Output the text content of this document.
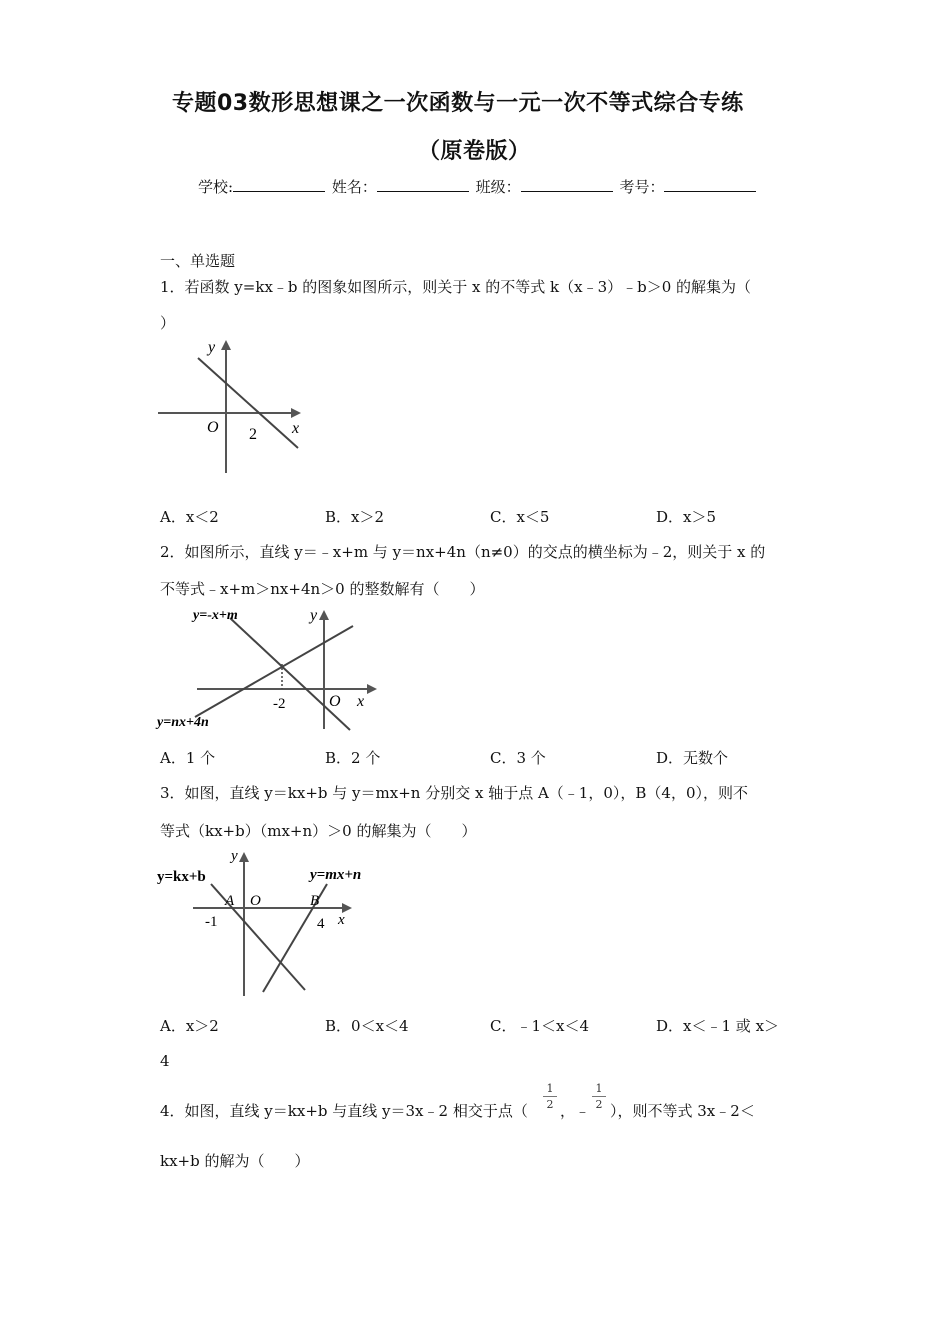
专题03数形思想课之一次函数与一元一次不等式综合专练
（原卷版）
学校:	姓名：	班级：	考号：
一、单选题
1．若函数 y=kx﹣b 的图象如图所示，则关于 x 的不等式 k（x﹣3）﹣b＞0 的解集为（
）
y
O 2 x
A．x＜2	B．x＞2	C．x＜5	D．x＞5
2．如图所示，直线 y＝﹣x+m 与 y＝nx+4n（n≠0）的交点的横坐标为﹣2，则关于 x 的
不等式﹣x+m＞nx+4n＞0 的整数解有（　　）
y=-x+m
y=nx+4n
y
O x
-2
A．1 个	B．2 个	C．3 个	D．无数个
3．如图，直线 y＝kx+b 与 y＝mx+n 分别交 x 轴于点 A（﹣1，0），B（4，0），则不
等式（kx+b）（mx+n）＞0 的解集为（　　）
y=kx+b	y=mx+n
y
A O	B
-1	4 x
A．x＞2	B．0＜x＜4	C．﹣1＜x＜4	D．x＜﹣1 或 x＞
4
4．如图，直线 y＝kx+b 与直线 y＝3x﹣2 相交于点（
1
2 ，﹣
1
2 ），则不等式 3x﹣2＜
kx+b 的解为（　　）
